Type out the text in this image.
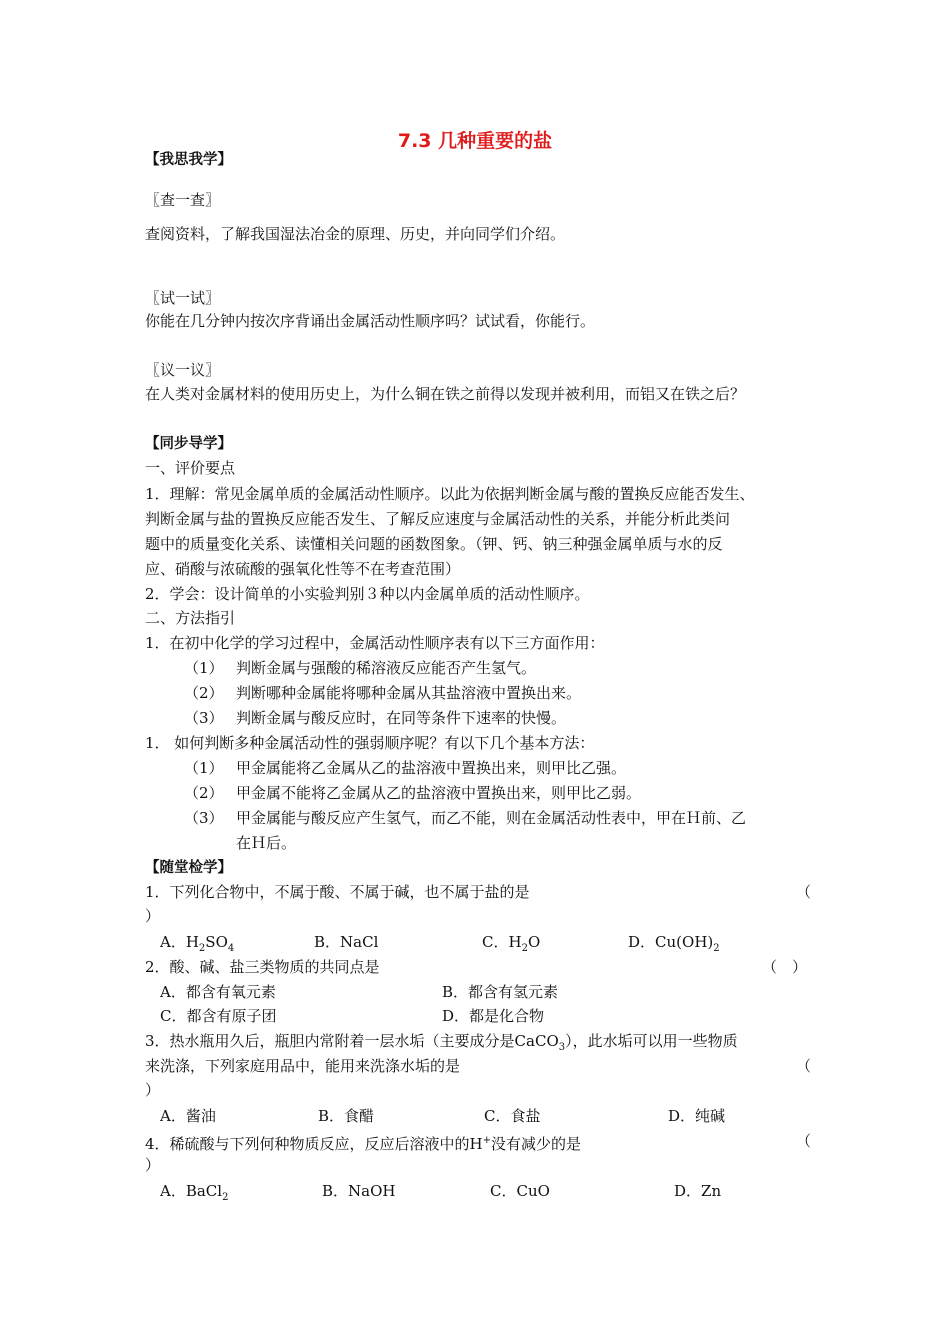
7.3 几种重要的盐
【我思我学】
〖查一查〗
查阅资料，了解我国湿法冶金的原理、历史，并向同学们介绍。
〖试一试〗
你能在几分钟内按次序背诵出金属活动性顺序吗？试试看，你能行。
〖议一议〗
在人类对金属材料的使用历史上，为什么铜在铁之前得以发现并被利用，而铝又在铁之后？
【同步导学】
一、评价要点
1．理解：常见金属单质的金属活动性顺序。以此为依据判断金属与酸的置换反应能否发生、
判断金属与盐的置换反应能否发生、了解反应速度与金属活动性的关系，并能分析此类问
题中的质量变化关系、读懂相关问题的函数图象。（钾、钙、钠三种强金属单质与水的反
应、硝酸与浓硫酸的强氧化性等不在考查范围）
2．学会：设计简单的小实验判别３种以内金属单质的活动性顺序。
二、方法指引
1．在初中化学的学习过程中，金属活动性顺序表有以下三方面作用：
（1） 判断金属与强酸的稀溶液反应能否产生氢气。
（2） 判断哪种金属能将哪种金属从其盐溶液中置换出来。
（3） 判断金属与酸反应时，在同等条件下速率的快慢。
1． 如何判断多种金属活动性的强弱顺序呢？有以下几个基本方法：
（1） 甲金属能将乙金属从乙的盐溶液中置换出来，则甲比乙强。
（2） 甲金属不能将乙金属从乙的盐溶液中置换出来，则甲比乙弱。
（3） 甲金属能与酸反应产生氢气，而乙不能，则在金属活动性表中，甲在Ｈ前、乙
在Ｈ后。
【随堂检学】
1．下列化合物中，不属于酸、不属于碱，也不属于盐的是	（
）
A．$H_2SO_4$	B．NaCl	C．$H_2O$	D．$Cu(OH)_2$
2．酸、碱、盐三类物质的共同点是	（　）
A．都含有氧元素	B．都含有氢元素
C．都含有原子团	D．都是化合物
3．热水瓶用久后，瓶胆内常附着一层水垢（主要成分是CaCO$_3$），此水垢可以用一些物质
来洗涤，下列家庭用品中，能用来洗涤水垢的是	（
）
A．酱油	B．食醋	C．食盐	D．纯碱
4．稀硫酸与下列何种物质反应，反应后溶液中的H+没有减少的是	（
）
A．BaCl$_2$	B．NaOH	C．CuO	D．Zn
